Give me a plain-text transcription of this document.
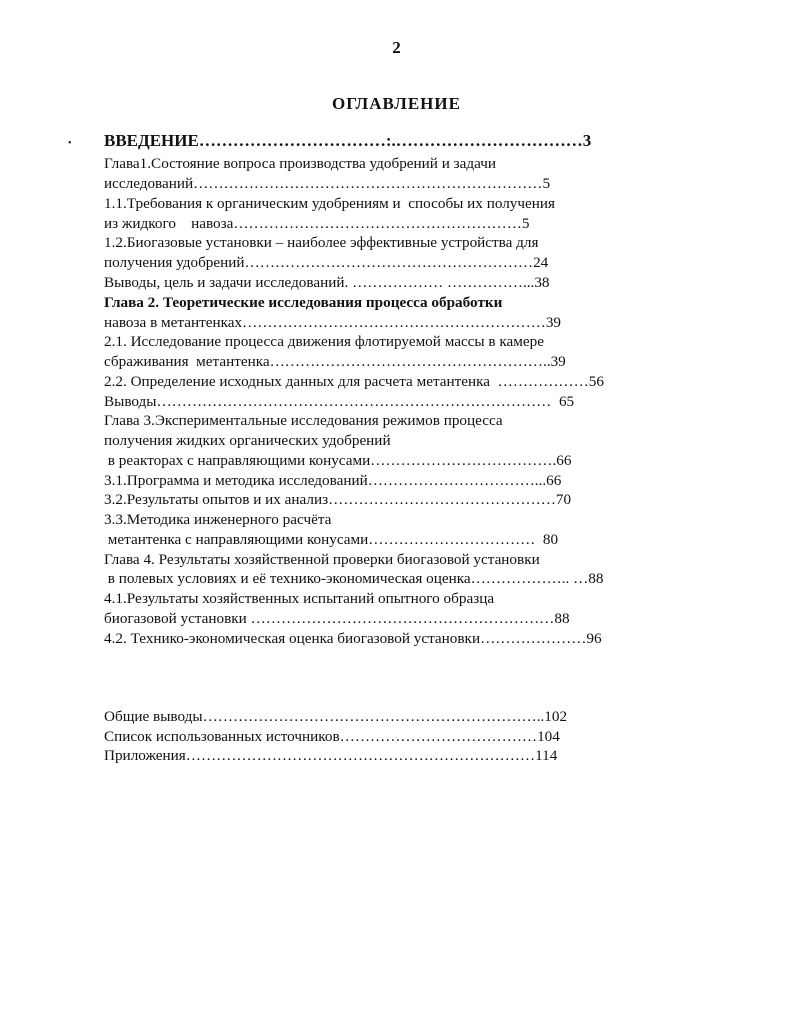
2
ОГЛАВЛЕНИЕ
• ВВЕДЕНИЕ……………………………:.……………………………3
Глава1.Состояние вопроса производства удобрений и задачи
исследований……………………………………………………………5
1.1.Требования к органическим удобрениям и  способы их получения
из жидкого    навоза…………………………………………………5
1.2.Биогазовые установки – наиболее эффективные устройства для
получения удобрений…………………………………………………24
Выводы, цель и задачи исследований. ……………… ……………...38
Глава 2. Теоретические исследования процесса обработки
навоза в метантенках……………………………………………………39
2.1. Исследование процесса движения флотируемой массы в камере
сбраживания  метантенка………………………………………………..39
2.2. Определение исходных данных для расчета метантенка  ………………56
Выводы……………………………………………………………………  65
Глава 3.Экспериментальные исследования режимов процесса
получения жидких органических удобрений
в реакторах с направляющими конусами……………………………….66
3.1.Программа и методика исследований……………………………...66
3.2.Результаты опытов и их анализ………………………………………70
3.3.Методика инженерного расчёта
метантенка с направляющими конусами……………………………  80
Глава 4. Результаты хозяйственной проверки биогазовой установки
в полевых условиях и её технико-экономическая оценка……………….. …88
4.1.Результаты хозяйственных испытаний опытного образца
биогазовой установки ……………………………………………………88
4.2. Технико-экономическая оценка биогазовой установки…………………96
Общие выводы…………………………………………………………..102
Список использованных источников…………………………………104
Приложения……………………………………………………………114
